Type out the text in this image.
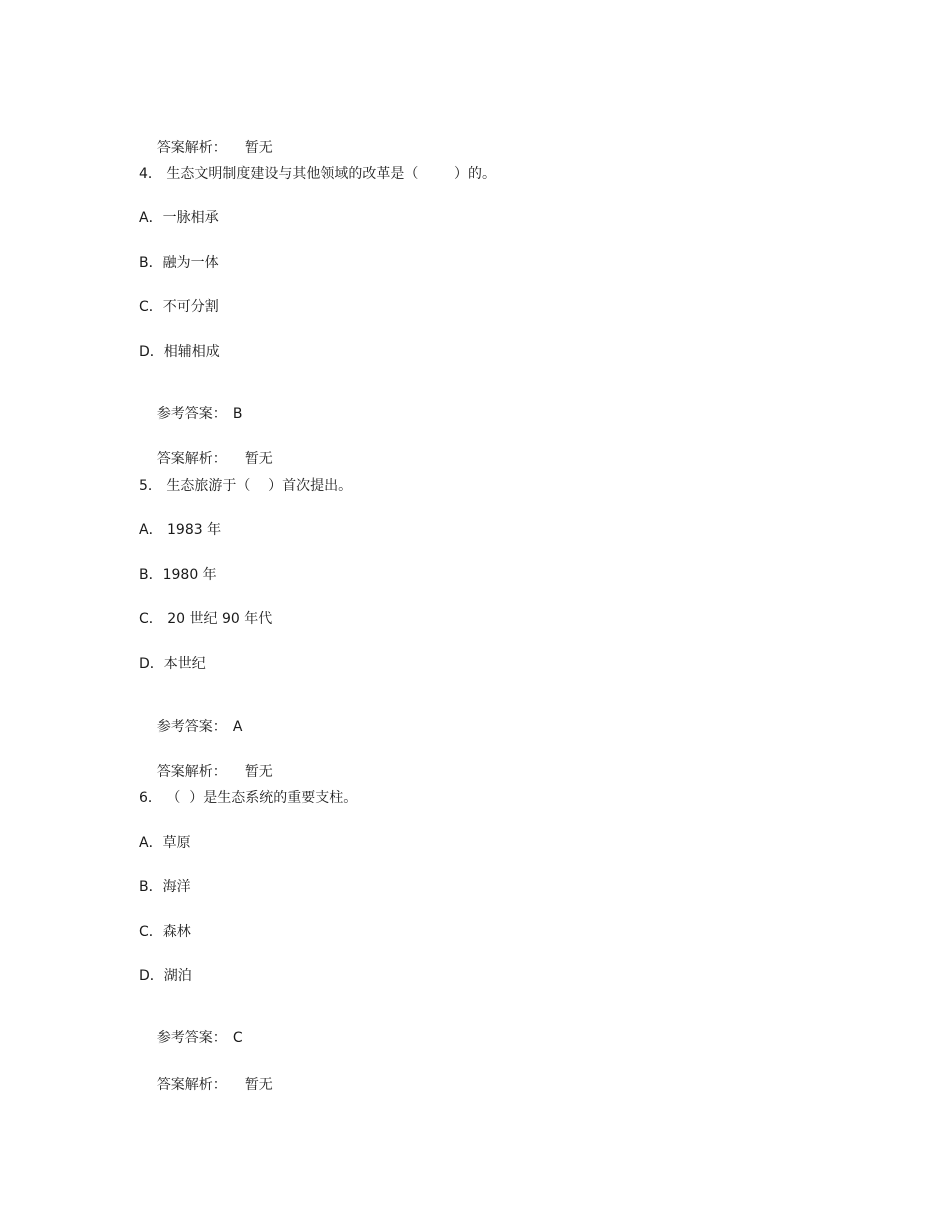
答案解析： 暂无

4． 生态文明制度建设与其他领域的改革是（        ）的。
A．一脉相承
B．融为一体
C．不可分割
D．相辅相成

参考答案： B

答案解析： 暂无

5． 生态旅游于（    ）首次提出。
A． 1983 年
B．1980 年
C． 20 世纪 90 年代
D．本世纪

参考答案： A

答案解析： 暂无

6． （  ）是生态系统的重要支柱。
A．草原
B．海洋
C．森林
D．湖泊

参考答案： C

答案解析： 暂无
